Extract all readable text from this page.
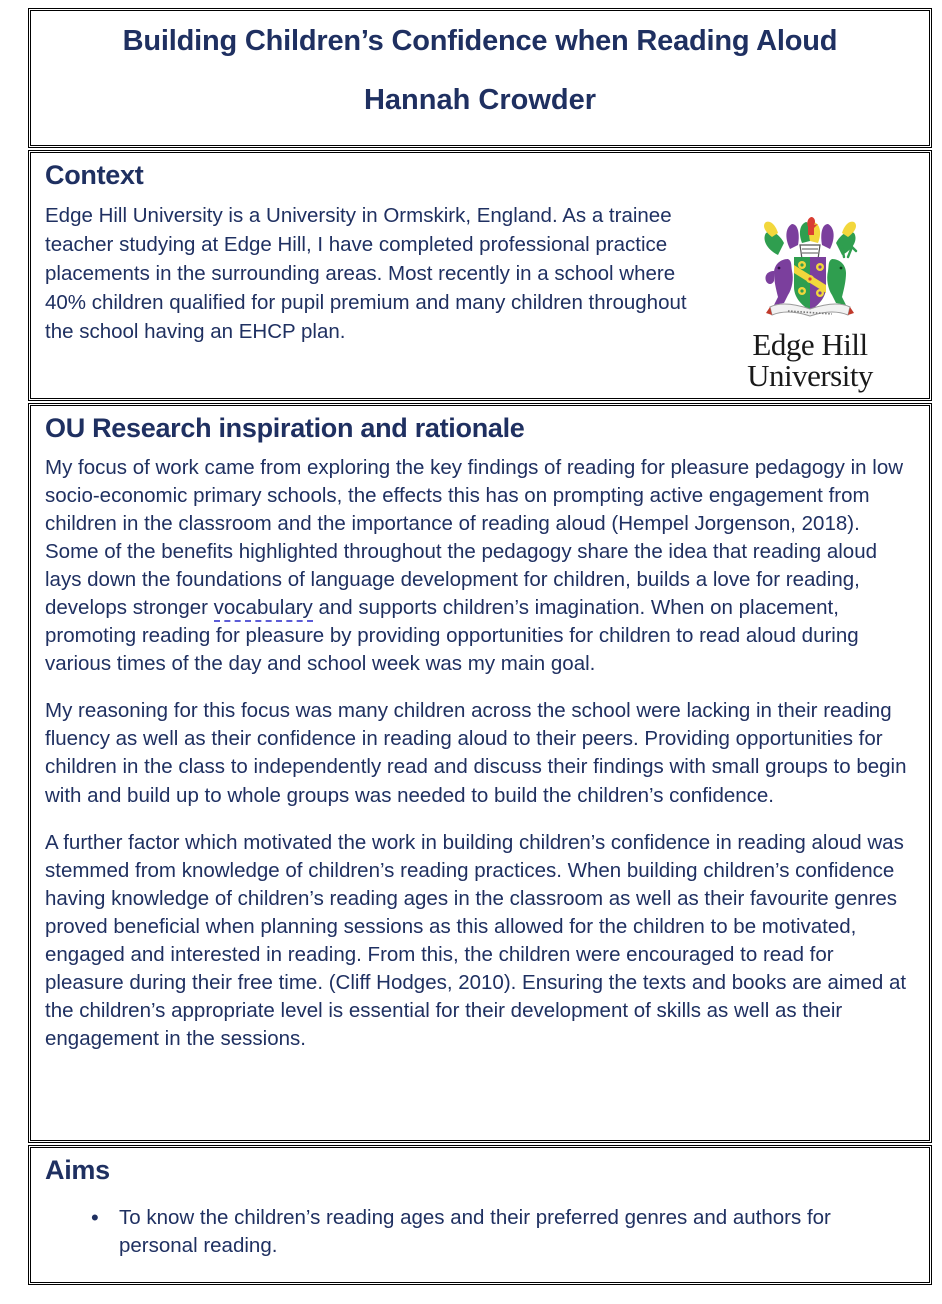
Building Children’s Confidence when Reading Aloud
Hannah Crowder
Context

Edge Hill University is a University in Ormskirk, England. As a trainee teacher studying at Edge Hill, I have completed professional practice placements in the surrounding areas. Most recently in a school where 40% children qualified for pupil premium and many children throughout the school having an EHCP plan.	Edge Hill
University
OU Research inspiration and rationale

My focus of work came from exploring the key findings of reading for pleasure pedagogy in low socio-economic primary schools, the effects this has on prompting active engagement from children in the classroom and the importance of reading aloud (Hempel Jorgenson, 2018). Some of the benefits highlighted throughout the pedagogy share the idea that reading aloud lays down the foundations of language development for children, builds a love for reading, develops stronger vocabulary and supports children’s imagination. When on placement, promoting reading for pleasure by providing opportunities for children to read aloud during various times of the day and school week was my main goal.

My reasoning for this focus was many children across the school were lacking in their reading fluency as well as their confidence in reading aloud to their peers. Providing opportunities for children in the class to independently read and discuss their findings with small groups to begin with and build up to whole groups was needed to build the children’s confidence.

A further factor which motivated the work in building children’s confidence in reading aloud was stemmed from knowledge of children’s reading practices. When building children’s confidence having knowledge of children’s reading ages in the classroom as well as their favourite genres proved beneficial when planning sessions as this allowed for the children to be motivated, engaged and interested in reading. From this, the children were encouraged to read for pleasure during their free time. (Cliff Hodges, 2010). Ensuring the texts and books are aimed at the children’s appropriate level is essential for their development of skills as well as their engagement in the sessions.

Aims
• To know the children’s reading ages and their preferred genres and authors for personal reading.
